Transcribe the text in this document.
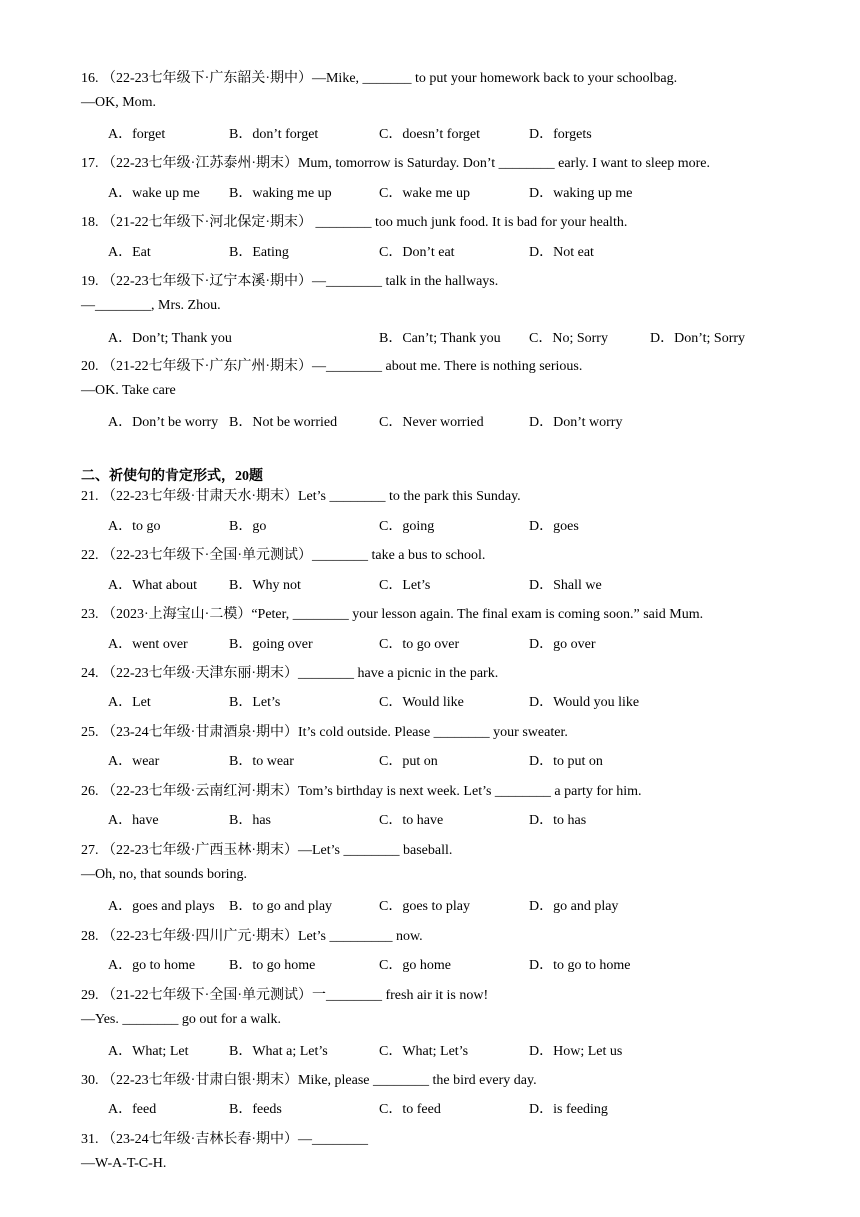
16. （22-23七年级下·广东韶关·期中）—Mike, _______ to put your homework back to your schoolbag.
—OK, Mom.
A．forget	B．don’t forget	C．doesn’t forget	D．forgets
17. （22-23七年级·江苏泰州·期末）Mum, tomorrow is Saturday. Don’t ________ early. I want to sleep more.
A．wake up me B．waking me up	C．wake me up	D．waking up me
18. （21-22七年级下·河北保定·期末） ________ too much junk food. It is bad for your health.
A．Eat	B．Eating	C．Don’t eat	D．Not eat
19. （22-23七年级下·辽宁本溪·期中）—________ talk in the hallways.
—________, Mrs. Zhou.
A．Don’t; Thank you	B．Can’t; Thank you C．No; Sorry	D．Don’t; Sorry
20. （21-22七年级下·广东广州·期末）—________ about me. There is nothing serious.
—OK. Take care
A．Don’t be worry B．Not be worried	C．Never worried	D．Don’t worry
二、祈使句的肯定形式，20题
21. （22-23七年级·甘肃天水·期末）Let’s ________ to the park this Sunday.
A．to go	B．go	C．going	D．goes
22. （22-23七年级下·全国·单元测试）________ take a bus to school.
A．What about B．Why not	C．Let’s	D．Shall we
23. （2023·上海宝山·二模）“Peter, ________ your lesson again. The final exam is coming soon.” said Mum.
A．went over	B．going over	C．to go over	D．go over
24. （22-23七年级·天津东丽·期末）________ have a picnic in the park.
A．Let	B．Let’s	C．Would like	D．Would you like
25. （23-24七年级·甘肃酒泉·期中）It’s cold outside. Please ________ your sweater.
A．wear	B．to wear	C．put on	D．to put on
26. （22-23七年级·云南红河·期末）Tom’s birthday is next week. Let’s ________ a party for him.
A．have	B．has	C．to have	D．to has
27. （22-23七年级·广西玉林·期末）—Let’s ________ baseball.
—Oh, no, that sounds boring.
A．goes and plays B．to go and play	C．goes to play	D．go and play
28. （22-23七年级·四川广元·期末）Let’s _________ now.
A．go to home B．to go home	C．go home	D．to go to home
29. （21-22七年级下·全国·单元测试）一________ fresh air it is now!
—Yes. ________ go out for a walk.
A．What; Let	B．What a; Let’s	C．What; Let’s	D．How; Let us
30. （22-23七年级·甘肃白银·期末）Mike, please ________ the bird every day.
A．feed	B．feeds	C．to feed	D．is feeding
31. （23-24七年级·吉林长春·期中）—________
—W-A-T-C-H.
